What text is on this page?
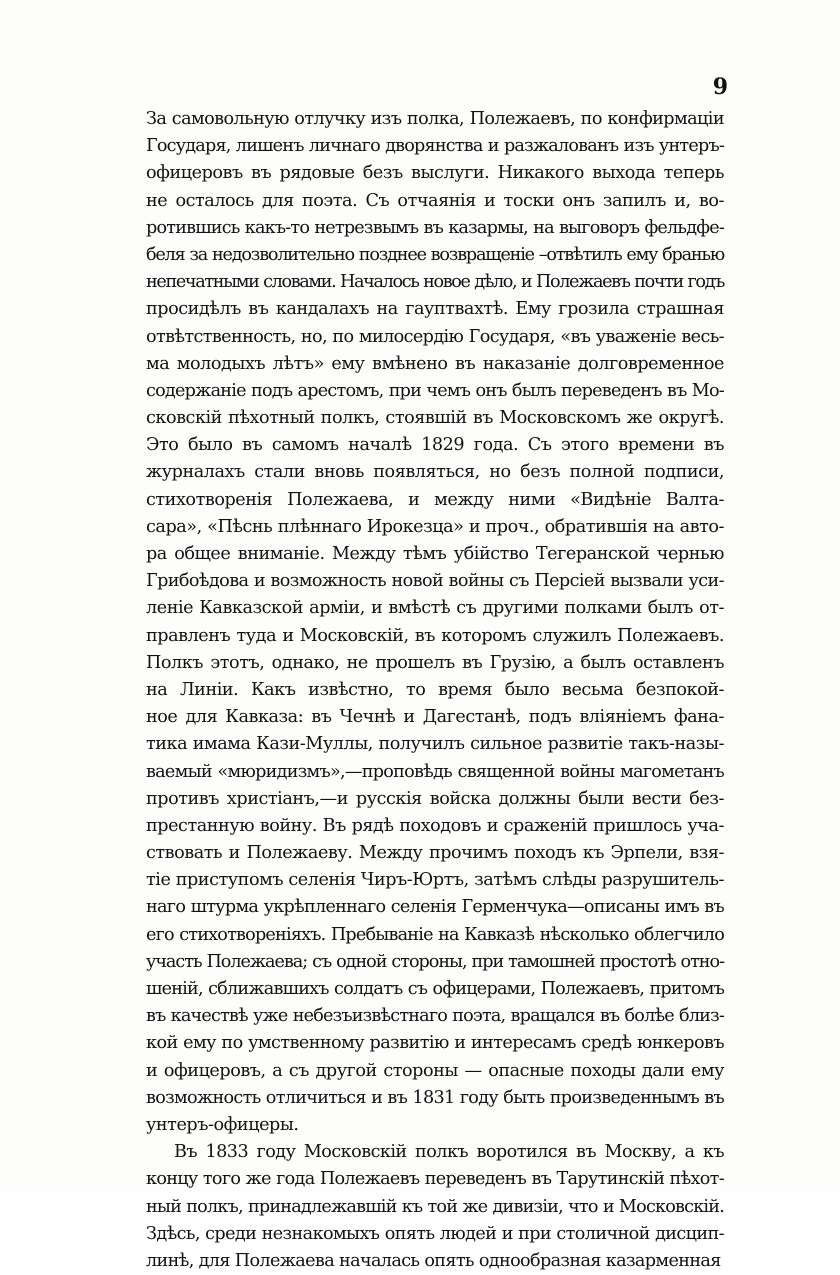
9
За самовольную отлучку изъ полка, Полежаевъ, по конфирмаціи
Государя, лишенъ личнаго дворянства и разжалованъ изъ унтеръ-
офицеровъ въ рядовые безъ выслуги. Никакого выхода теперь
не осталось для поэта. Съ отчаянія и тоски онъ запилъ и, во-
ротившись какъ-то нетрезвымъ въ казармы, на выговоръ фельдфе-
беля за недозволительно позднее возвращеніе –отвѣтилъ ему бранью
непечатными словами. Началось новое дѣло, и Полежаевъ почти годъ
просидѣлъ въ кандалахъ на гауптвахтѣ. Ему грозила страшная
отвѣтственность, но, по милосердію Государя, «въ уваженіе весь-
ма молодыхъ лѣтъ» ему вмѣнено въ наказаніе долговременное
содержаніе подъ арестомъ, при чемъ онъ былъ переведенъ въ Мо-
сковскій пѣхотный полкъ, стоявшій въ Московскомъ же округѣ.
Это было въ самомъ началѣ 1829 года. Съ этого времени въ
журналахъ стали вновь появляться, но безъ полной подписи,
стихотворенія Полежаева, и между ними «Видѣніе Валта-
сара», «Пѣснь плѣннаго Ирокезца» и проч., обратившія на авто-
ра общее вниманіе. Между тѣмъ убійство Тегеранской чернью
Грибоѣдова и возможность новой войны съ Персіей вызвали уси-
леніе Кавказской арміи, и вмѣстѣ съ другими полками былъ от-
правленъ туда и Московскій, въ которомъ служилъ Полежаевъ.
Полкъ этотъ, однако, не прошелъ въ Грузію, а былъ оставленъ
на Линіи. Какъ извѣстно, то время было весьма безпокой-
ное для Кавказа: въ Чечнѣ и Дагестанѣ, подъ вліяніемъ фана-
тика имама Кази-Муллы, получилъ сильное развитіе такъ-назы-
ваемый «мюридизмъ»,—проповѣдь священной войны магометанъ
противъ христіанъ,—и русскія войска должны были вести без-
престанную войну. Въ рядѣ походовъ и сраженій пришлось уча-
ствовать и Полежаеву. Между прочимъ походъ къ Эрпели, взя-
тіе приступомъ селенія Чиръ-Юртъ, затѣмъ слѣды разрушитель-
наго штурма укрѣпленнаго селенія Герменчука—описаны имъ въ
его стихотвореніяхъ. Пребываніе на Кавказѣ нѣсколько облегчило
участь Полежаева; съ одной стороны, при тамошней простотѣ отно-
шеній, сближавшихъ солдатъ съ офицерами, Полежаевъ, притомъ
въ качествѣ уже небезъизвѣстнаго поэта, вращался въ болѣе близ-
кой ему по умственному развитію и интересамъ средѣ юнкеровъ
и офицеровъ, а съ другой стороны — опасные походы дали ему
возможность отличиться и въ 1831 году быть произведеннымъ въ
унтеръ-офицеры.
Въ 1833 году Московскій полкъ воротился въ Москву, а къ
концу того же года Полежаевъ переведенъ въ Тарутинскій пѣхот-
ный полкъ, принадлежавшій къ той же дивизіи, что и Московскій.
Здѣсь, среди незнакомыхъ опять людей и при столичной дисцип-
линѣ, для Полежаева началась опять однообразная казарменная
